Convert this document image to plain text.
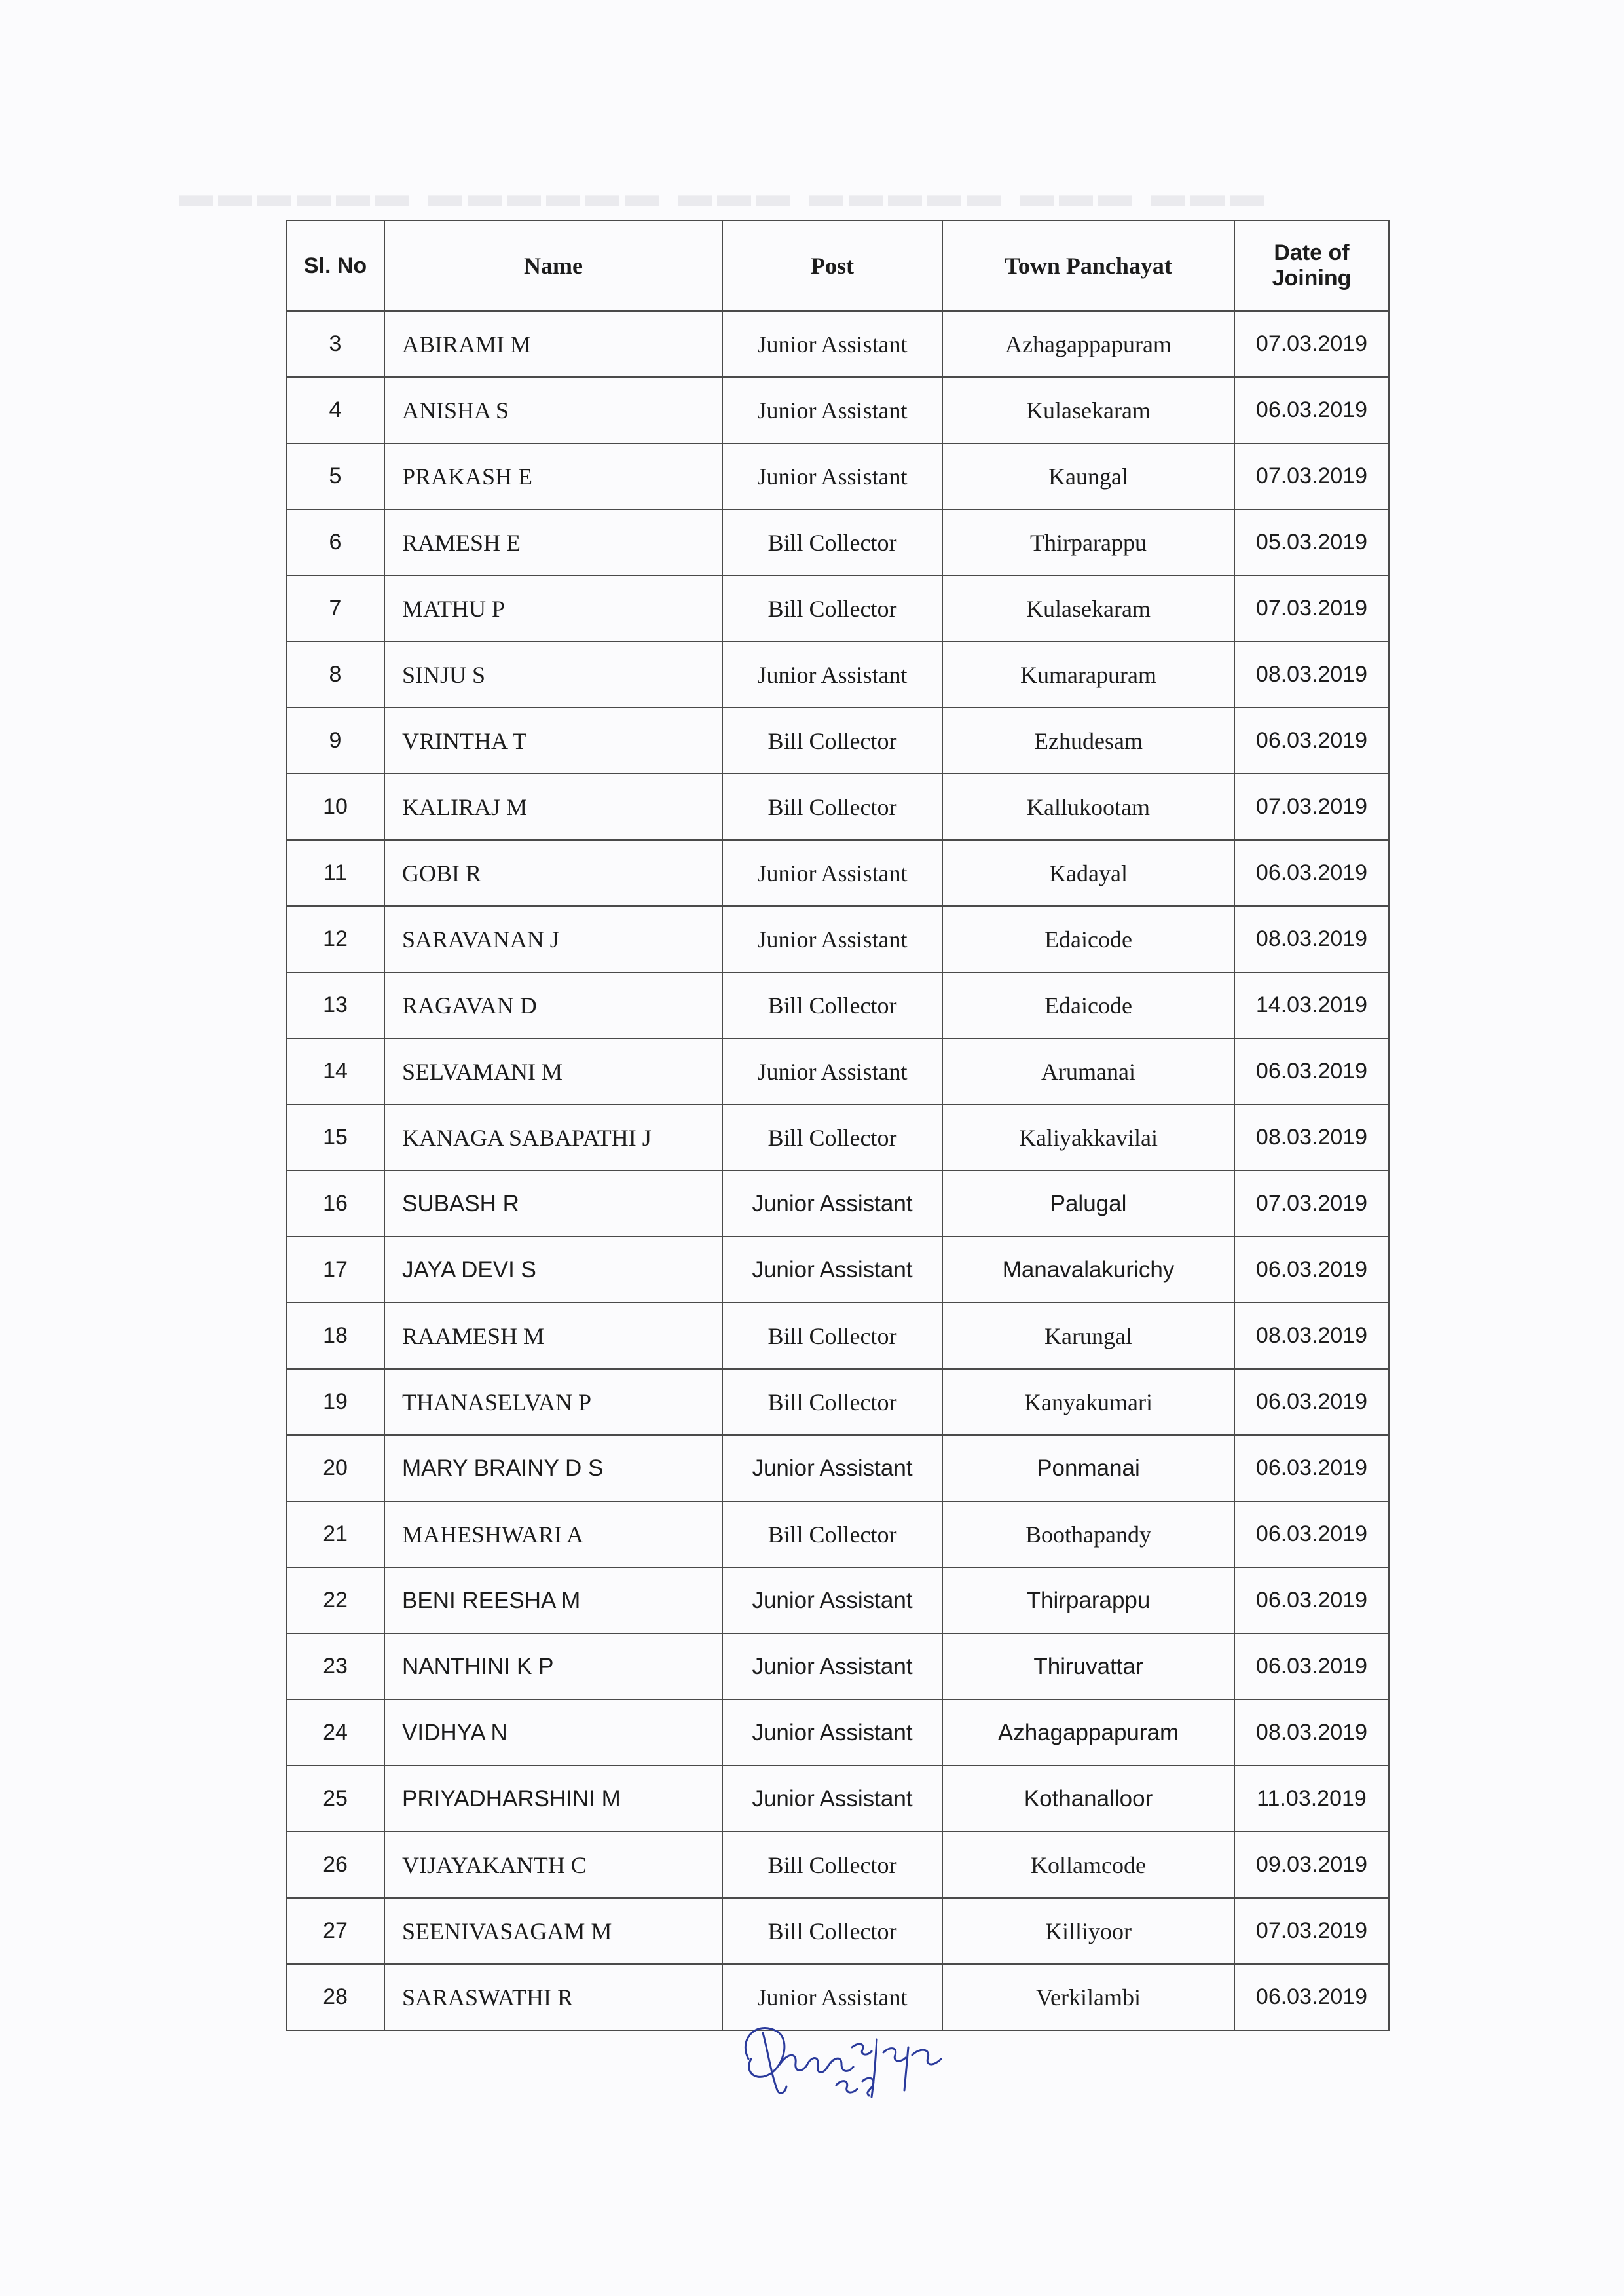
▬▬▬ ▬▬▬ ▬▬▬▬▬ ▬▬▬ ▬▬▬▬▬▬ ▬▬▬▬▬▬
Sl. No	Name	Post	Town Panchayat	Date of
Joining
3	ABIRAMI M	Junior Assistant	Azhagappapuram	07.03.2019
4	ANISHA S	Junior Assistant	Kulasekaram	06.03.2019
5	PRAKASH E	Junior Assistant	Kaungal	07.03.2019
6	RAMESH E	Bill Collector	Thirparappu	05.03.2019
7	MATHU P	Bill Collector	Kulasekaram	07.03.2019
8	SINJU S	Junior Assistant	Kumarapuram	08.03.2019
9	VRINTHA T	Bill Collector	Ezhudesam	06.03.2019
10	KALIRAJ M	Bill Collector	Kallukootam	07.03.2019
11	GOBI R	Junior Assistant	Kadayal	06.03.2019
12	SARAVANAN J	Junior Assistant	Edaicode	08.03.2019
13	RAGAVAN D	Bill Collector	Edaicode	14.03.2019
14	SELVAMANI M	Junior Assistant	Arumanai	06.03.2019
15	KANAGA SABAPATHI J	Bill Collector	Kaliyakkavilai	08.03.2019
16	SUBASH R	Junior Assistant	Palugal	07.03.2019
17	JAYA DEVI S	Junior Assistant	Manavalakurichy	06.03.2019
18	RAAMESH M	Bill Collector	Karungal	08.03.2019
19	THANASELVAN P	Bill Collector	Kanyakumari	06.03.2019
20	MARY BRAINY D S	Junior Assistant	Ponmanai	06.03.2019
21	MAHESHWARI A	Bill Collector	Boothapandy	06.03.2019
22	BENI REESHA M	Junior Assistant	Thirparappu	06.03.2019
23	NANTHINI K P	Junior Assistant	Thiruvattar	06.03.2019
24	VIDHYA N	Junior Assistant	Azhagappapuram	08.03.2019
25	PRIYADHARSHINI M	Junior Assistant	Kothanalloor	11.03.2019
26	VIJAYAKANTH C	Bill Collector	Kollamcode	09.03.2019
27	SEENIVASAGAM M	Bill Collector	Killiyoor	07.03.2019
28	SARASWATHI R	Junior Assistant	Verkilambi	06.03.2019
